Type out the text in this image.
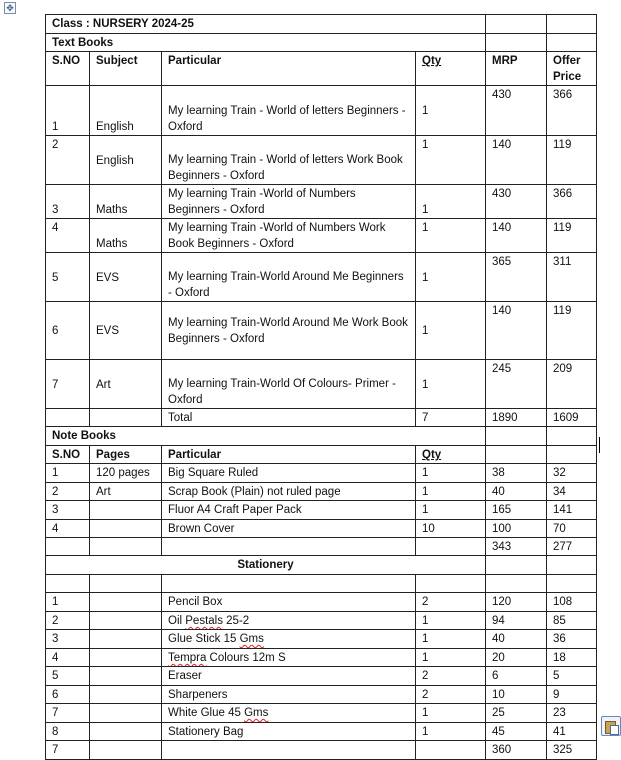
✥
Class : NURSERY 2024-25					
Text Books					
S.NO	Subject	Particular	Qty	MRP	Offer Price
1	English	My learning Train - World of letters Beginners - Oxford	1	430	366
2	English	My learning Train - World of letters Work Book Beginners - Oxford	1	140	119
3	Maths	My learning Train -World of Numbers Beginners - Oxford	1	430	366
4	Maths	My learning Train -World of Numbers Work Book Beginners - Oxford	1	140	119
5	EVS	My learning Train-World Around Me Beginners - Oxford	1	365	311
6	EVS	My learning Train-World Around Me Work Book Beginners - Oxford	1	140	119
7	Art	My learning Train-World Of Colours- Primer - Oxford	1	245	209
		Total	7	1890	1609
Note Books					
S.NO	Pages	Particular	Qty		
1	120 pages	Big Square Ruled	1	38	32
2	Art	Scrap Book (Plain) not ruled page	1	40	34
3		Fluor A4 Craft Paper Pack	1	165	141
4		Brown Cover	10	100	70
				343	277
Stationery					

1		Pencil Box	2	120	108
2		Oil Pestals 25-2	1	94	85
3		Glue Stick 15 Gms	1	40	36
4		Tempra Colours 12m S	1	20	18
5		Eraser	2	6	5
6		Sharpeners	2	10	9
7		White Glue 45 Gms	1	25	23
8		Stationery Bag	1	45	41
7				360	325
